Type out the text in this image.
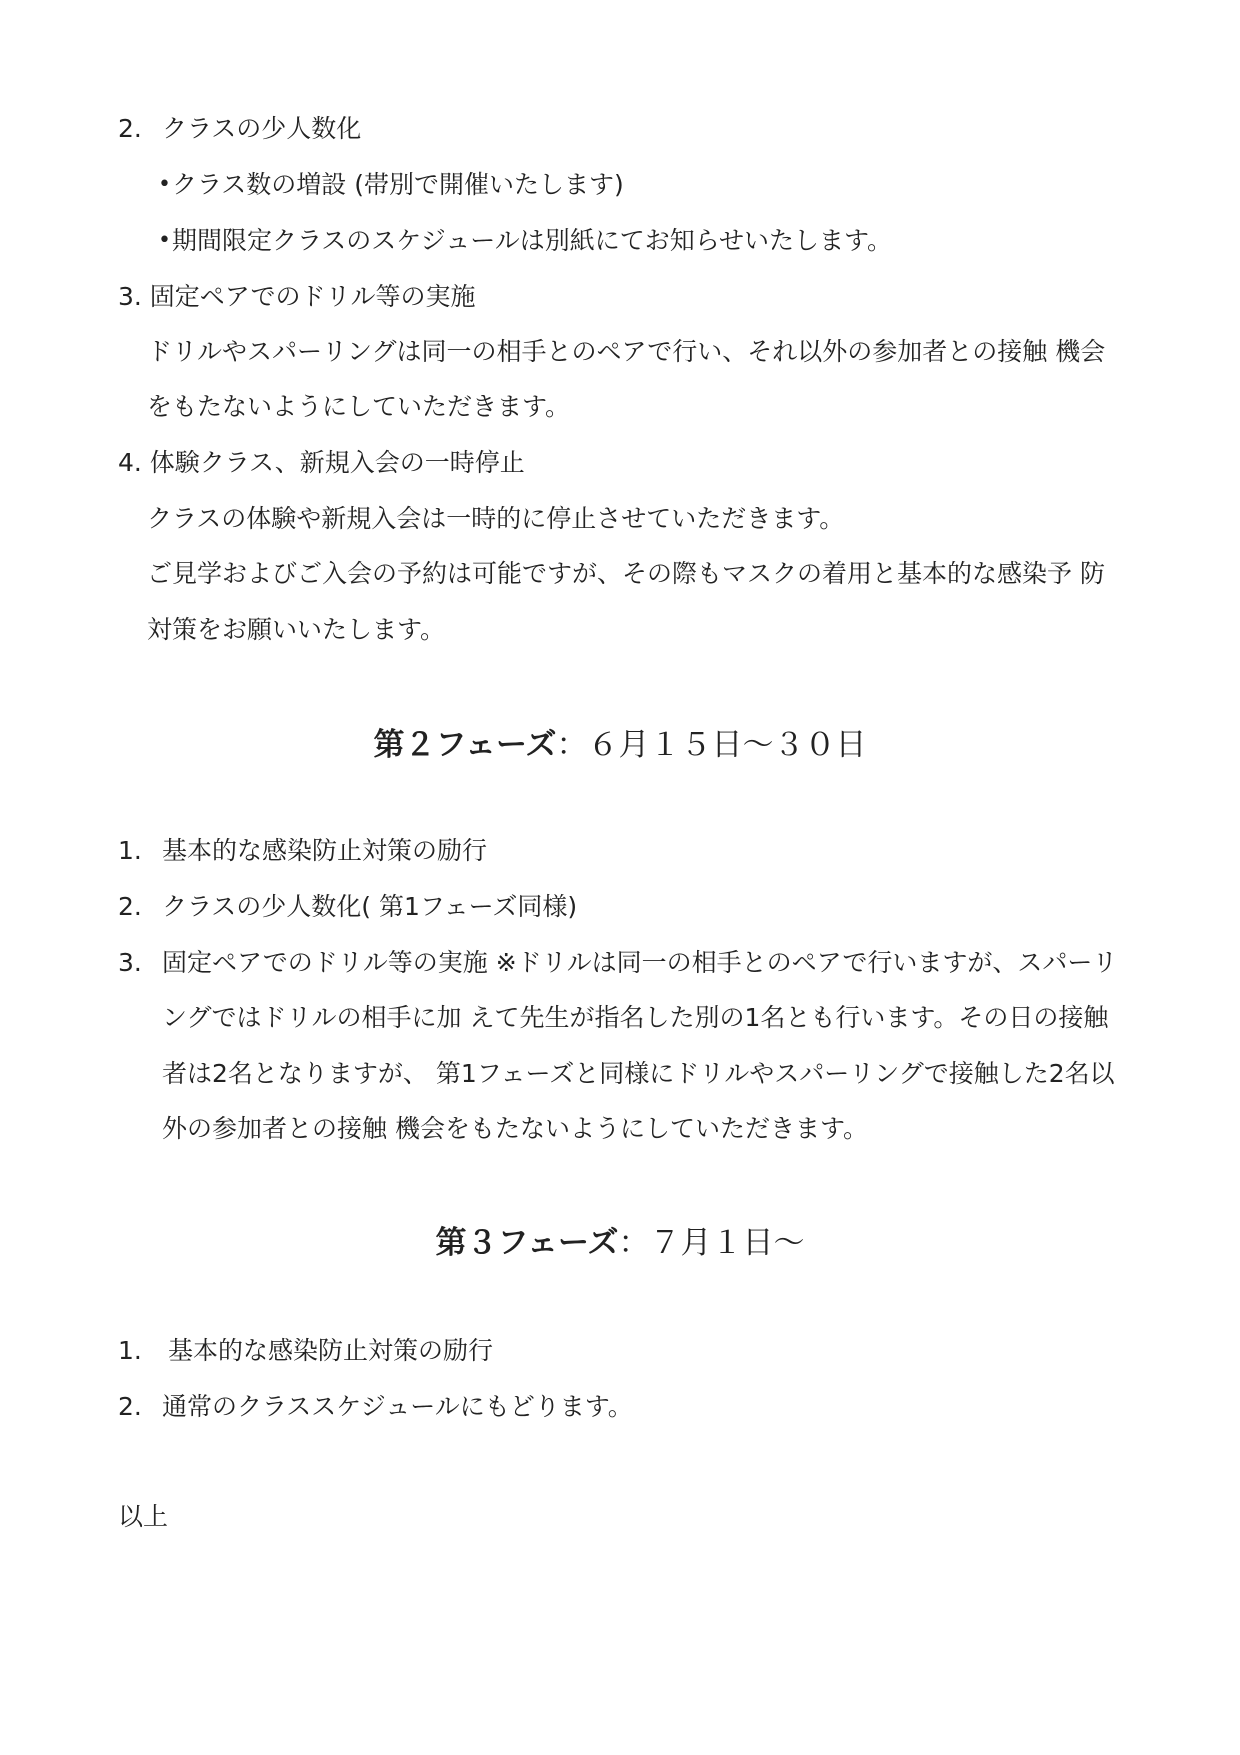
2. クラスの少人数化

• クラス数の増設 (帯別で開催いたします)

• 期間限定クラスのスケジュールは別紙にてお知らせいたします。

3. 固定ペアでのドリル等の実施

ドリルやスパーリングは同一の相手とのペアで行い、それ以外の参加者との接触 機会

をもたないようにしていただきます。

4. 体験クラス、新規入会の一時停止

クラスの体験や新規入会は一時的に停止させていただきます。

ご見学およびご入会の予約は可能ですが、その際もマスクの着用と基本的な感染予 防

対策をお願いいたします。

第２フェーズ：６月１５日〜３０日
1. 基本的な感染防止対策の励行

2. クラスの少人数化( 第1フェーズ同様)

3. 固定ペアでのドリル等の実施 ※ドリルは同一の相手とのペアで行いますが、スパーリ

ングではドリルの相手に加 えて先生が指名した別の1名とも行います。その日の接触

者は2名となりますが、 第1フェーズと同様にドリルやスパーリングで接触した2名以

外の参加者との接触 機会をもたないようにしていただきます。

第３フェーズ：７月１日〜
1. 基本的な感染防止対策の励行

2. 通常のクラススケジュールにもどります。

以上
